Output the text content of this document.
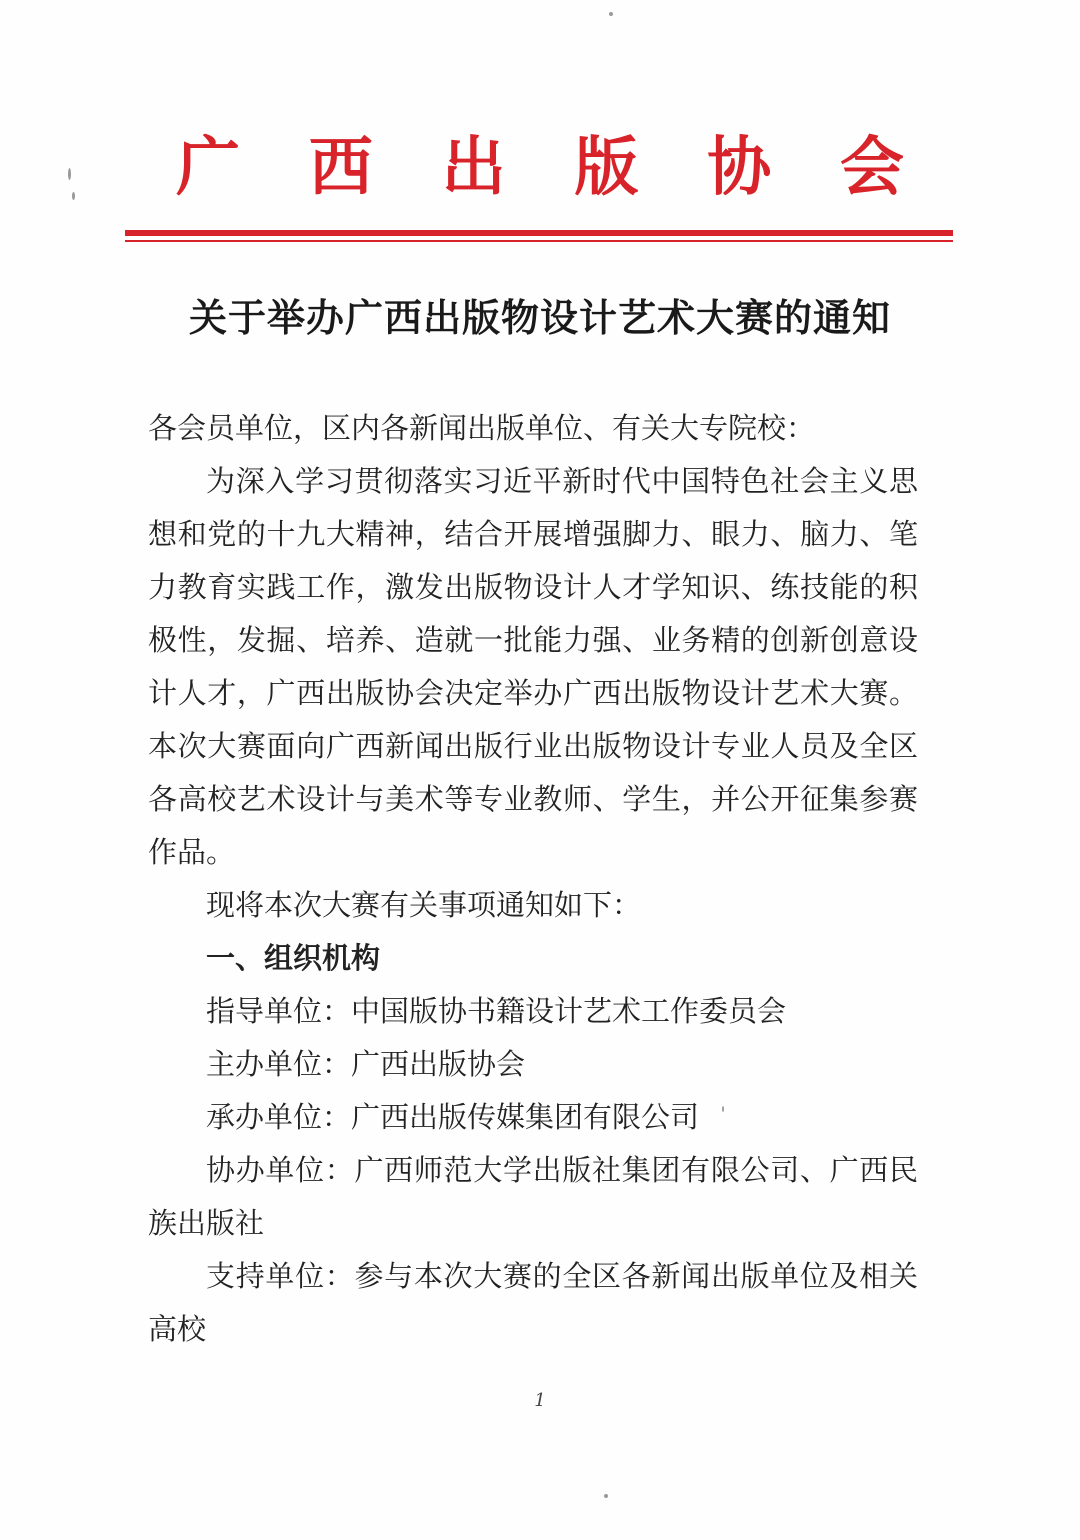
广 西 出 版 协 会
关于举办广西出版物设计艺术大赛的通知

各会员单位，区内各新闻出版单位、有关大专院校：

为深入学习贯彻落实习近平新时代中国特色社会主义思想和党的十九大精神，结合开展增强脚力、眼力、脑力、笔力教育实践工作，激发出版物设计人才学知识、练技能的积极性，发掘、培养、造就一批能力强、业务精的创新创意设计人才，广西出版协会决定举办广西出版物设计艺术大赛。本次大赛面向广西新闻出版行业出版物设计专业人员及全区各高校艺术设计与美术等专业教师、学生，并公开征集参赛作品。

现将本次大赛有关事项通知如下：

一、组织机构

指导单位：中国版协书籍设计艺术工作委员会

主办单位：广西出版协会

承办单位：广西出版传媒集团有限公司

协办单位：广西师范大学出版社集团有限公司、广西民族出版社

支持单位：参与本次大赛的全区各新闻出版单位及相关高校

1
